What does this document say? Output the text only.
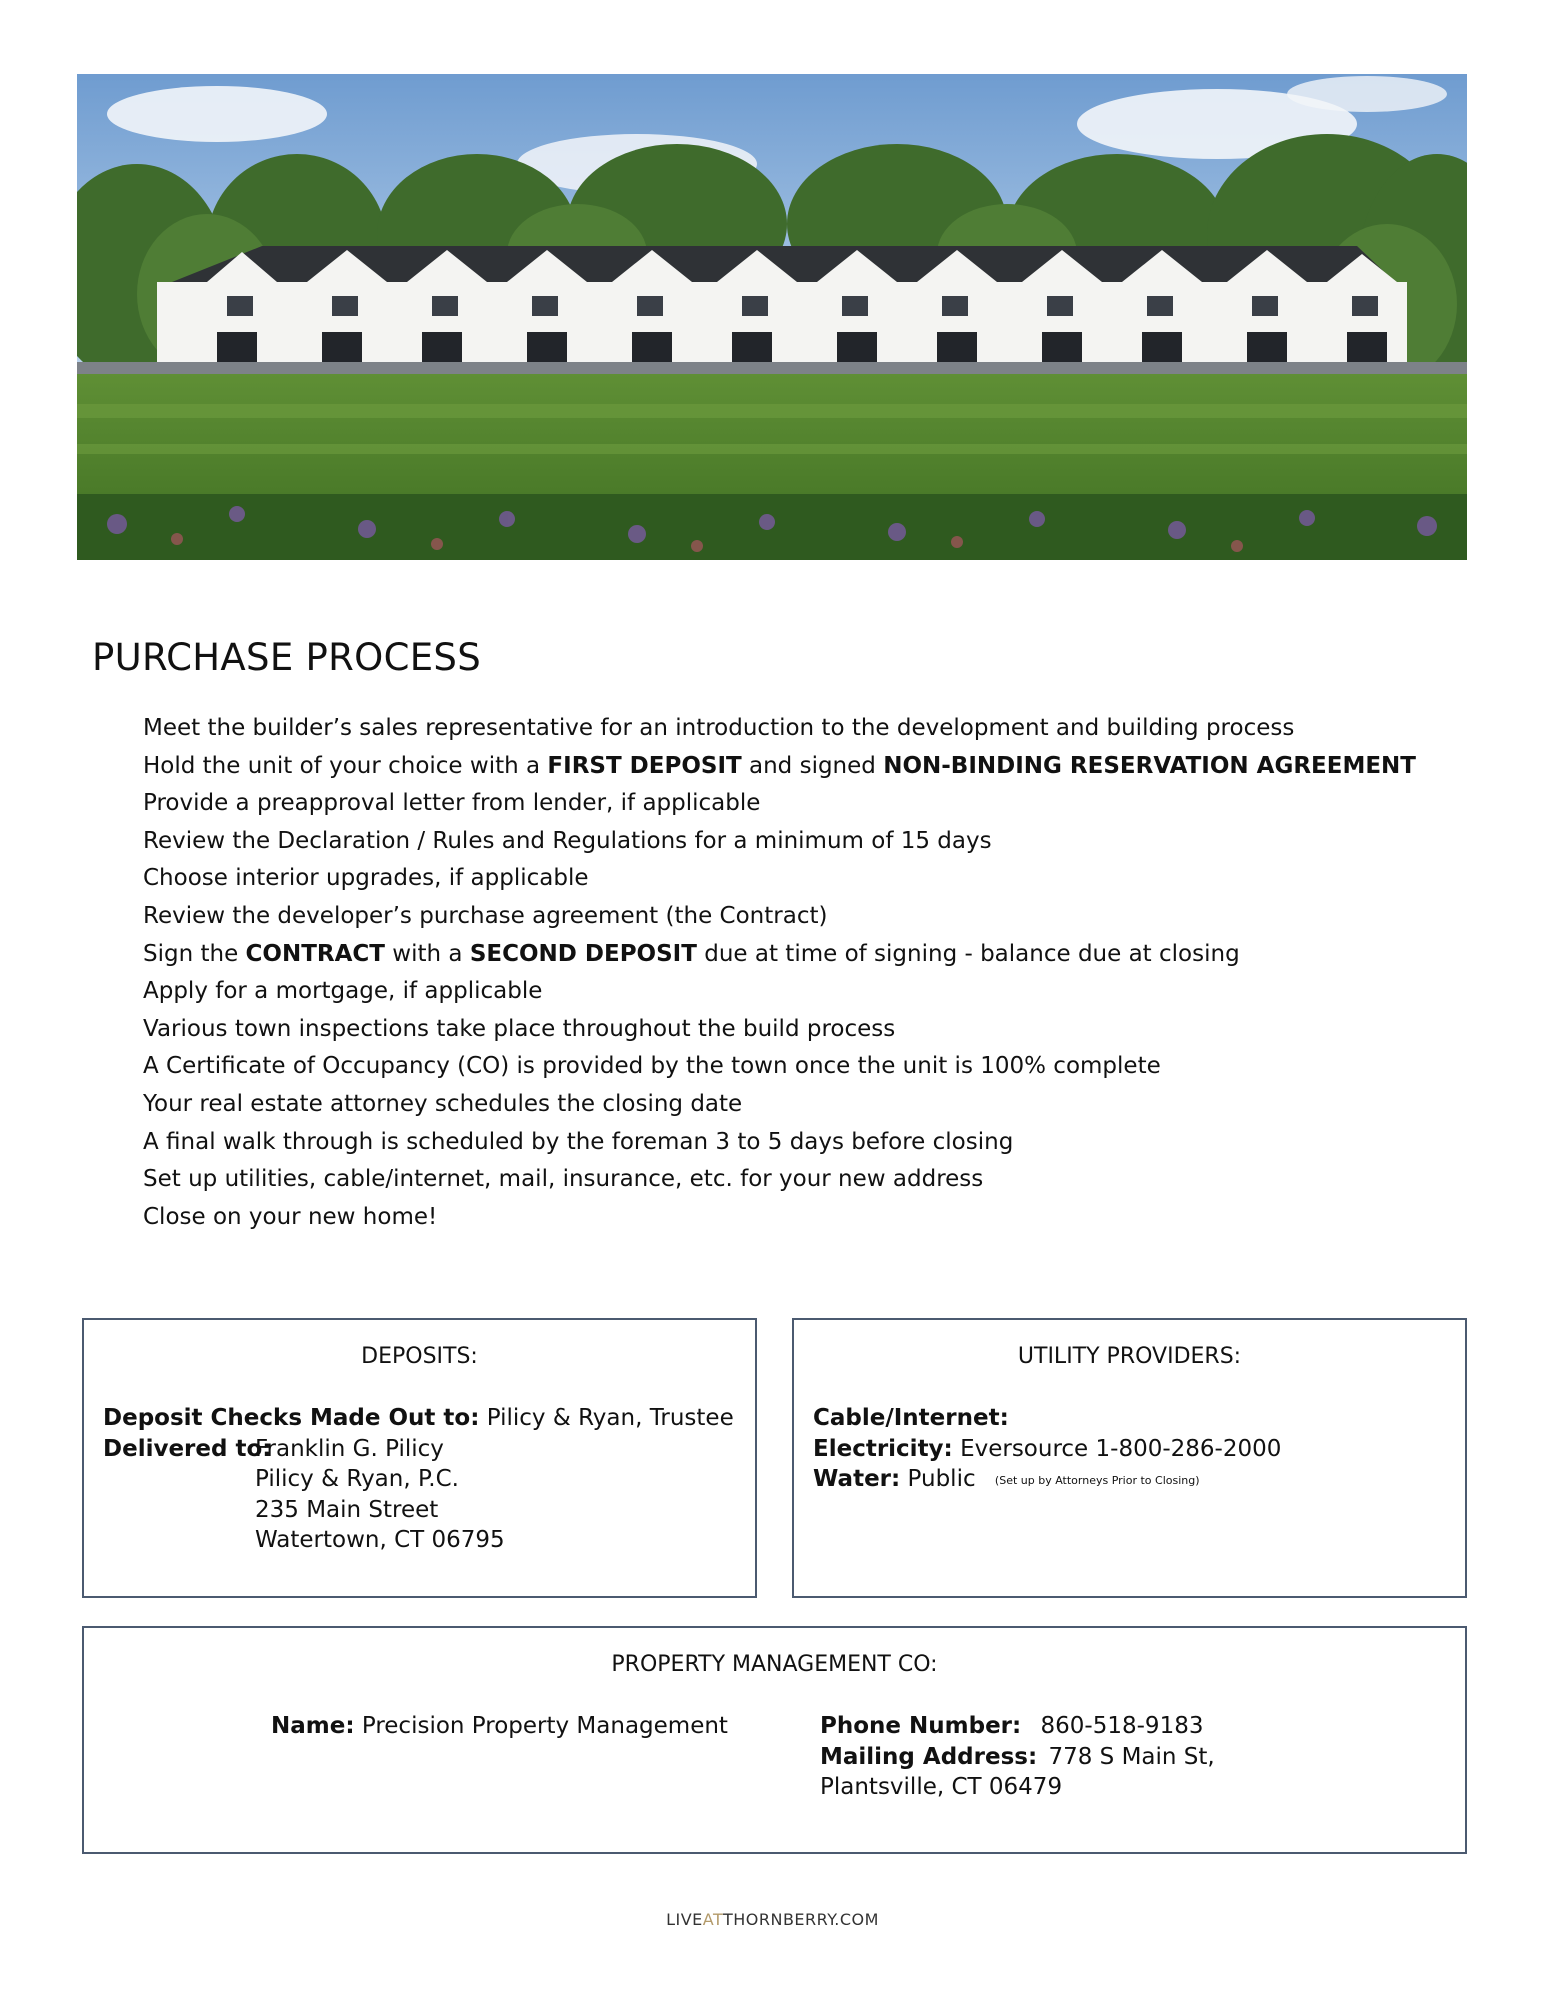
PURCHASE PROCESS
Meet the builder’s sales representative for an introduction to the development and building process
Hold the unit of your choice with a FIRST DEPOSIT and signed NON-BINDING RESERVATION AGREEMENT
Provide a preapproval letter from lender, if applicable
Review the Declaration / Rules and Regulations for a minimum of 15 days
Choose interior upgrades, if applicable
Review the developer’s purchase agreement (the Contract)
Sign the CONTRACT with a SECOND DEPOSIT due at time of signing - balance due at closing
Apply for a mortgage, if applicable
Various town inspections take place throughout the build process
A Certificate of Occupancy (CO) is provided by the town once the unit is 100% complete
Your real estate attorney schedules the closing date
A final walk through is scheduled by the foreman 3 to 5 days before closing
Set up utilities, cable/internet, mail, insurance, etc. for your new address
Close on your new home!
DEPOSITS:
Deposit Checks Made Out to: Pilicy & Ryan, Trustee
Delivered to:
Franklin G. Pilicy
Pilicy & Ryan, P.C.
235 Main Street
Watertown, CT 06795
UTILITY PROVIDERS:
Cable/Internet:
Electricity: Eversource 1-800-286-2000
Water: Public (Set up by Attorneys Prior to Closing)
PROPERTY MANAGEMENT CO:
Name: Precision Property Management	Phone Number: 860-518-9183
Mailing Address: 778 S Main St,
Plantsville, CT 06479
LIVEATTHORNBERRY.COM
